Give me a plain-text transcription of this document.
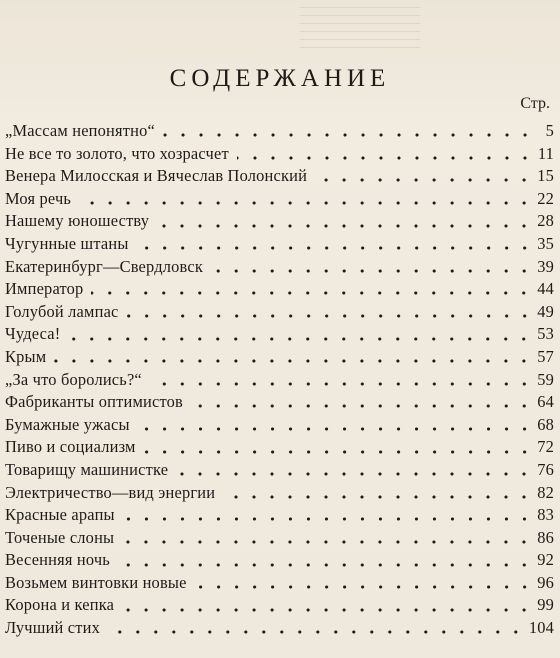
СОДЕРЖАНИЕ
Стр.
„Массам непонятно“	5
Не все то золото, что хозрасчет	11
Венера Милосская и Вячеслав Полонский	15
Моя речь	22
Нашему юношеству	28
Чугунные штаны	35
Екатеринбург—Свердловск	39
Император	44
Голубой лампас	49
Чудеса!	53
Крым	57
„За что боролись?“	59
Фабриканты оптимистов	64
Бумажные ужасы	68
Пиво и социализм	72
Товарищу машинистке	76
Электричество—вид энергии	82
Красные арапы	83
Точеные слоны	86
Весенняя ночь	92
Возьмем винтовки новые	96
Корона и кепка	99
Лучший стих	104
